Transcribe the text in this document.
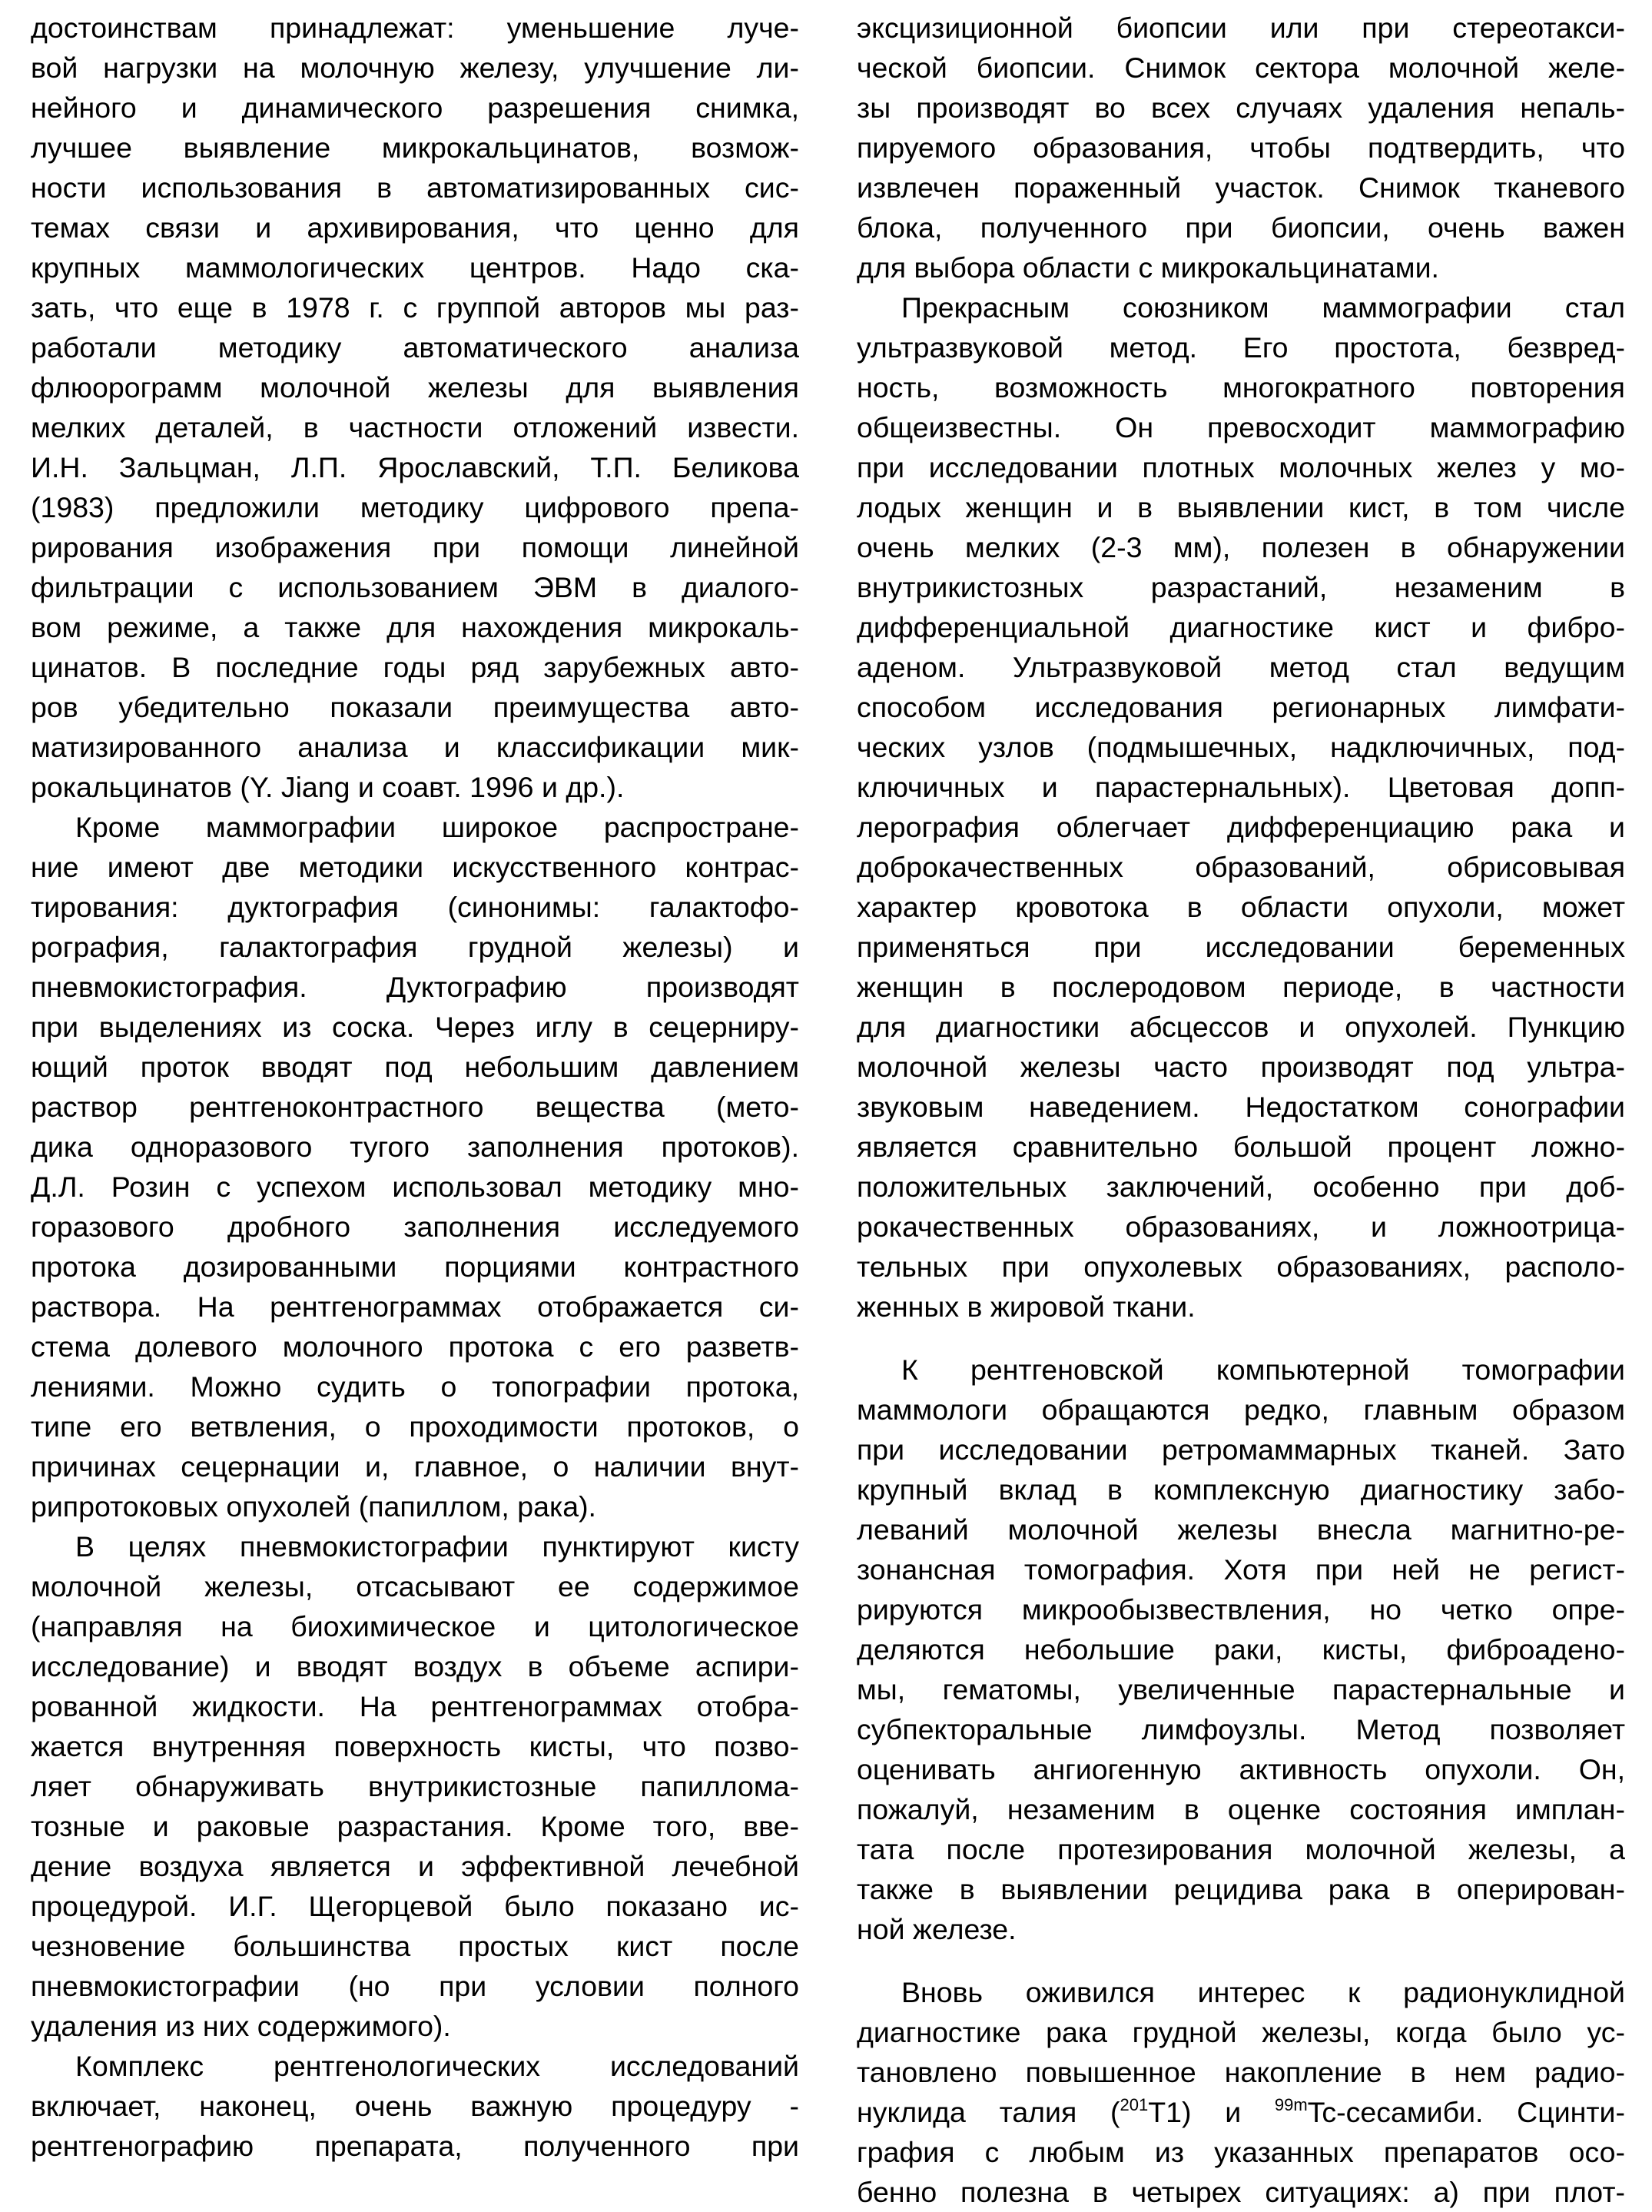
достоинствам принадлежат: уменьшение луче-
вой нагрузки на молочную железу, улучшение ли-
нейного и динамического разрешения снимка,
лучшее выявление микрокальцинатов, возмож-
ности использования в автоматизированных сис-
темах связи и архивирования, что ценно для
крупных маммологических центров. Надо ска-
зать, что еще в 1978 г. с группой авторов мы раз-
работали методику автоматического анализа
флюорограмм молочной железы для выявления
мелких деталей, в частности отложений извести.
И.Н. Зальцман, Л.П. Ярославский, Т.П. Беликова
(1983) предложили методику цифрового препа-
рирования изображения при помощи линейной
фильтрации с использованием ЭВМ в диалого-
вом режиме, а также для нахождения микрокаль-
цинатов. В последние годы ряд зарубежных авто-
ров убедительно показали преимущества авто-
матизированного анализа и классификации мик-
рокальцинатов (Y. Jiang и соавт. 1996 и др.).

Кроме маммографии широкое распростране-
ние имеют две методики искусственного контрас-
тирования: дуктография (синонимы: галактофо-
рография, галактография грудной железы) и
пневмокистография. Дуктографию производят
при выделениях из соска. Через иглу в сецерниру-
ющий проток вводят под небольшим давлением
раствор рентгеноконтрастного вещества (мето-
дика одноразового тугого заполнения протоков).
Д.Л. Розин с успехом использовал методику мно-
горазового дробного заполнения исследуемого
протока дозированными порциями контрастного
раствора. На рентгенограммах отображается си-
стема долевого молочного протока с его разветв-
лениями. Можно судить о топографии протока,
типе его ветвления, о проходимости протоков, о
причинах сецернации и, главное, о наличии внут-
рипротоковых опухолей (папиллом, рака).

В целях пневмокистографии пунктируют кисту
молочной железы, отсасывают ее содержимое
(направляя на биохимическое и цитологическое
исследование) и вводят воздух в объеме аспири-
рованной жидкости. На рентгенограммах отобра-
жается внутренняя поверхность кисты, что позво-
ляет обнаруживать внутрикистозные папиллома-
тозные и раковые разрастания. Кроме того, вве-
дение воздуха является и эффективной лечебной
процедурой. И.Г. Щегорцевой было показано ис-
чезновение большинства простых кист после
пневмокистографии (но при условии полного
удаления из них содержимого).

Комплекс рентгенологических исследований
включает, наконец, очень важную процедуру -
рентгенографию препарата, полученного при

эксцизиционной биопсии или при стереотакси-
ческой биопсии. Снимок сектора молочной желе-
зы производят во всех случаях удаления непаль-
пируемого образования, чтобы подтвердить, что
извлечен пораженный участок. Снимок тканевого
блока, полученного при биопсии, очень важен
для выбора области с микрокальцинатами.

Прекрасным союзником маммографии стал
ультразвуковой метод. Его простота, безвред-
ность, возможность многократного повторения
общеизвестны. Он превосходит маммографию
при исследовании плотных молочных желез у мо-
лодых женщин и в выявлении кист, в том числе
очень мелких (2-3 мм), полезен в обнаружении
внутрикистозных разрастаний, незаменим в
дифференциальной диагностике кист и фибро-
аденом. Ультразвуковой метод стал ведущим
способом исследования регионарных лимфати-
ческих узлов (подмышечных, надключичных, под-
ключичных и парастернальных). Цветовая допп-
лерография облегчает дифференциацию рака и
доброкачественных образований, обрисовывая
характер кровотока в области опухоли, может
применяться при исследовании беременных
женщин в послеродовом периоде, в частности
для диагностики абсцессов и опухолей. Пункцию
молочной железы часто производят под ультра-
звуковым наведением. Недостатком сонографии
является сравнительно большой процент ложно-
положительных заключений, особенно при доб-
рокачественных образованиях, и ложноотрица-
тельных при опухолевых образованиях, располо-
женных в жировой ткани.

К рентгеновской компьютерной томографии
маммологи обращаются редко, главным образом
при исследовании ретромаммарных тканей. Зато
крупный вклад в комплексную диагностику забо-
леваний молочной железы внесла магнитно-ре-
зонансная томография. Хотя при ней не регист-
рируются микрообызвествления, но четко опре-
деляются небольшие раки, кисты, фиброадено-
мы, гематомы, увеличенные парастернальные и
субпекторальные лимфоузлы. Метод позволяет
оценивать ангиогенную активность опухоли. Он,
пожалуй, незаменим в оценке состояния имплан-
тата после протезирования молочной железы, а
также в выявлении рецидива рака в оперирован-
ной железе.

Вновь оживился интерес к радионуклидной
диагностике рака грудной железы, когда было ус-
тановлено повышенное накопление в нем радио-
нуклида талия ($^{201}$T1) и $^{99m}$Tc-сесамиби. Сцинти-
графия с любым из указанных препаратов осо-
бенно полезна в четырех ситуациях: а) при плот-
